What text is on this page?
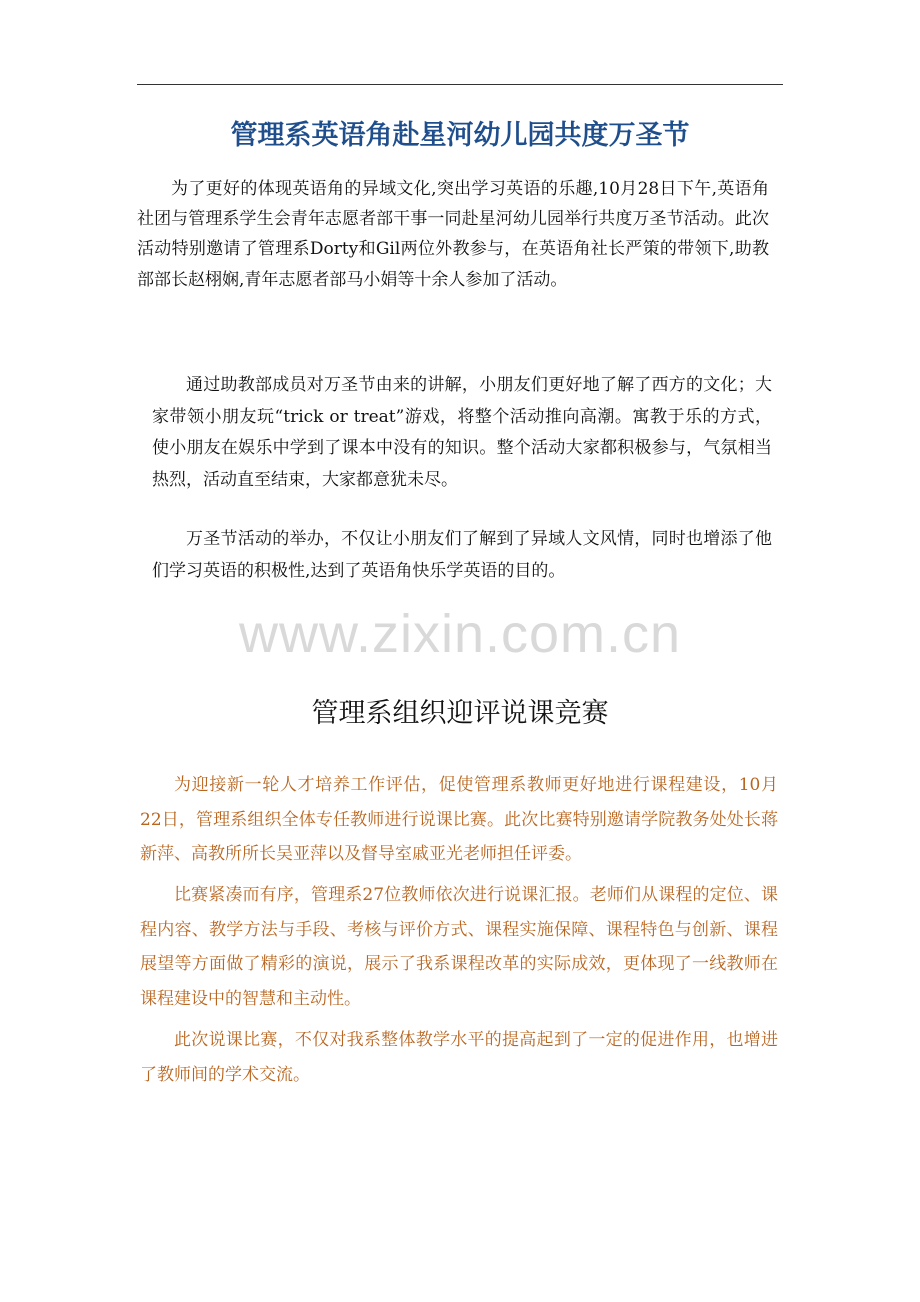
管理系英语角赴星河幼儿园共度万圣节

为了更好的体现英语角的异域文化,突出学习英语的乐趣,10月28日下午,英语角社团与管理系学生会青年志愿者部干事一同赴星河幼儿园举行共度万圣节活动。此次活动特别邀请了管理系Dorty和Gil两位外教参与，在英语角社长严策的带领下,助教部部长赵栩娴,青年志愿者部马小娟等十余人参加了活动。

通过助教部成员对万圣节由来的讲解，小朋友们更好地了解了西方的文化；大家带领小朋友玩“trick or treat”游戏，将整个活动推向高潮。寓教于乐的方式，使小朋友在娱乐中学到了课本中没有的知识。整个活动大家都积极参与，气氛相当热烈，活动直至结束，大家都意犹未尽。

万圣节活动的举办，不仅让小朋友们了解到了异域人文风情，同时也增添了他们学习英语的积极性,达到了英语角快乐学英语的目的。

www.zixin.com.cn
管理系组织迎评说课竞赛

为迎接新一轮人才培养工作评估，促使管理系教师更好地进行课程建设，10月22日，管理系组织全体专任教师进行说课比赛。此次比赛特别邀请学院教务处处长蒋新萍、高教所所长吴亚萍以及督导室戚亚光老师担任评委。

比赛紧凑而有序，管理系27位教师依次进行说课汇报。老师们从课程的定位、课程内容、教学方法与手段、考核与评价方式、课程实施保障、课程特色与创新、课程展望等方面做了精彩的演说，展示了我系课程改革的实际成效，更体现了一线教师在课程建设中的智慧和主动性。

此次说课比赛，不仅对我系整体教学水平的提高起到了一定的促进作用，也增进了教师间的学术交流。
